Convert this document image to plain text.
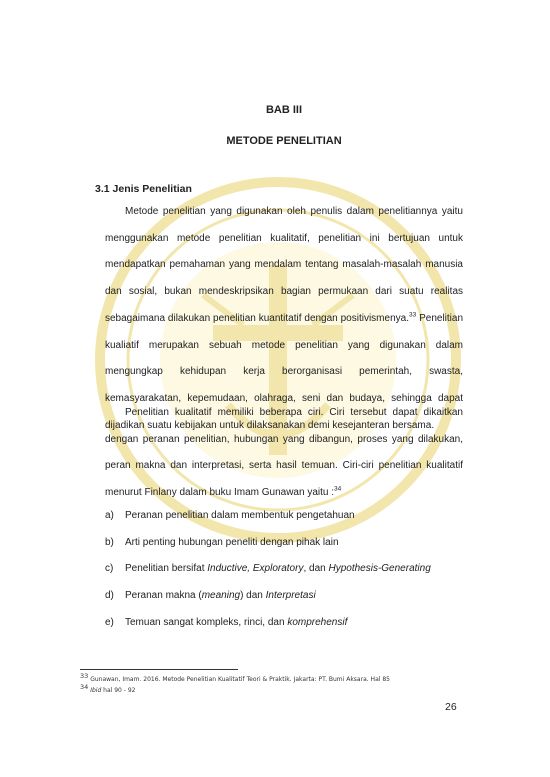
BAB III
METODE PENELITIAN
3.1 Jenis Penelitian
Metode penelitian yang digunakan oleh penulis dalam penelitiannya yaitu menggunakan metode penelitian kualitatif, penelitian ini bertujuan untuk mendapatkan pemahaman yang mendalam tentang masalah-masalah manusia dan sosial, bukan mendeskripsikan bagian permukaan dari suatu realitas sebagaimana dilakukan penelitian kuantitatif dengan positivismenya.$^{33}$ Penelitian kualiatif merupakan sebuah metode penelitian yang digunakan dalam mengungkap kehidupan kerja berorganisasi pemerintah, swasta, kemasyarakatan, kepemudaan, olahraga, seni dan budaya, sehingga dapat dijadikan suatu kebijakan untuk dilaksanakan demi kesejanteran bersama.
Penelitian kualitatif memiliki beberapa ciri. Ciri tersebut dapat dikaitkan dengan peranan penelitian, hubungan yang dibangun, proses yang dilakukan, peran makna dan interpretasi, serta hasil temuan. Ciri-ciri penelitian kualitatif menurut Finlany dalam buku Imam Gunawan yaitu :$^{34}$
a) Peranan penelitian dalam membentuk pengetahuan
b) Arti penting hubungan peneliti dengan pihak lain
c) Penelitian bersifat Inductive, Exploratory, dan Hypothesis-Generating
d) Peranan makna (meaning) dan Interpretasi
e) Temuan sangat kompleks, rinci, dan komprehensif
$^{33}$ Gunawan, Imam. 2016. Metode Penelitian Kualitatif Teori & Praktik. Jakarta: PT. Bumi Aksara. Hal 85
$^{34}$ Ibid hal 90 - 92
26
